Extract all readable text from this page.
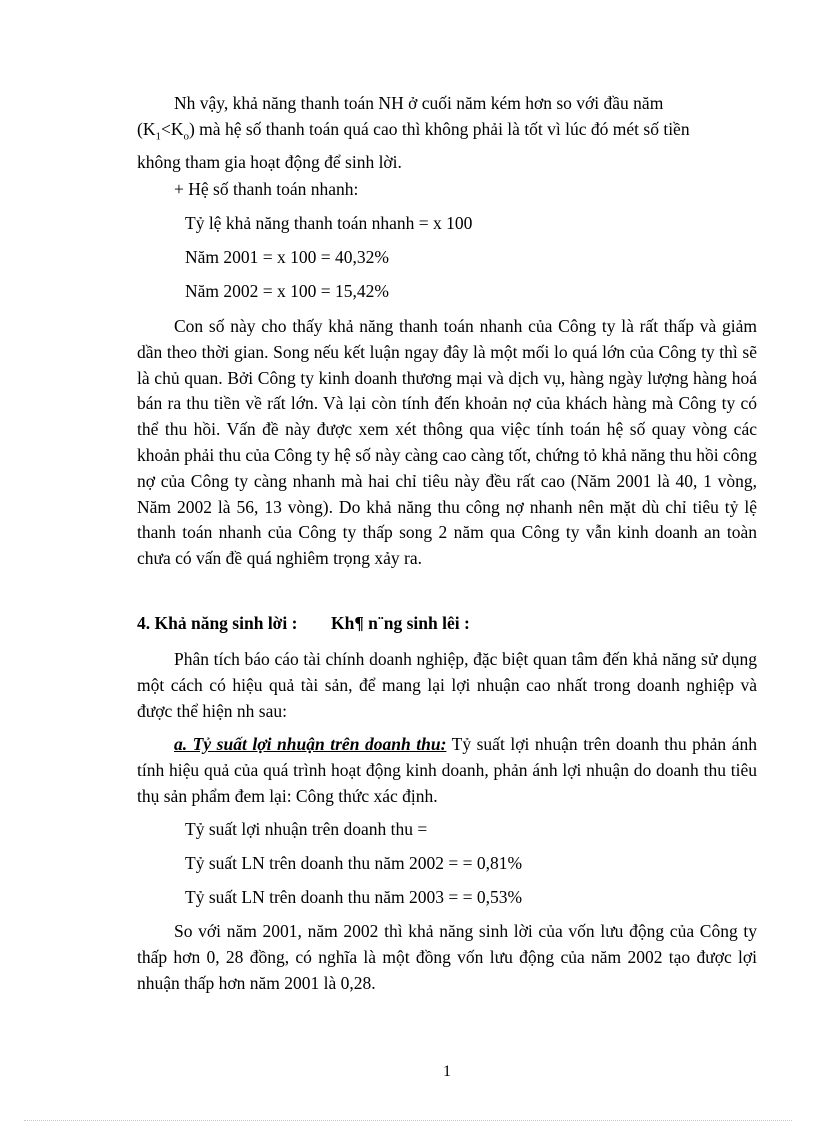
Nh vậy, khả năng thanh toán NH ở cuối năm kém hơn so với đầu năm

$(K_1<K_o)$ mà hệ số thanh toán quá cao thì không phải là tốt vì lúc đó mét số tiền

không tham gia hoạt động để sinh lời.

+ Hệ số thanh toán nhanh:
Tỷ lệ khả năng thanh toán nhanh = x 100
Năm 2001 = x 100 = 40,32%
Năm 2002 = x 100 = 15,42%

Con số này cho thấy khả năng thanh toán nhanh của Công ty là rất thấp và giảm dần theo thời gian. Song nếu kết luận ngay đây là một mối lo quá lớn của Công ty thì sẽ là chủ quan. Bởi Công ty kinh doanh thương mại và dịch vụ, hàng ngày lượng hàng hoá bán ra thu tiền về rất lớn. Và lại còn tính đến khoản nợ của khách hàng mà Công ty có thể thu hồi. Vấn đề này được xem xét thông qua việc tính toán hệ số quay vòng các khoản phải thu của Công ty hệ số này càng cao càng tốt, chứng tỏ khả năng thu hồi công nợ của Công ty càng nhanh mà hai chỉ tiêu này đều rất cao (Năm 2001 là 40, 1 vòng, Năm 2002 là 56, 13 vòng). Do khả năng thu công nợ nhanh nên mặt dù chỉ tiêu tỷ lệ thanh toán nhanh của Công ty thấp song 2 năm qua Công ty vẫn kinh doanh an toàn chưa có vấn đề quá nghiêm trọng xảy ra.

4. Khả năng sinh lời : Kh¶ n¨ng sinh lêi :

Phân tích báo cáo tài chính doanh nghiệp, đặc biệt quan tâm đến khả năng sử dụng một cách có hiệu quả tài sản, để mang lại lợi nhuận cao nhất trong doanh nghiệp và được thể hiện nh sau:

a. Tỷ suất lợi nhuận trên doanh thu: Tỷ suất lợi nhuận trên doanh thu phản ánh tính hiệu quả của quá trình hoạt động kinh doanh, phản ánh lợi nhuận do doanh thu tiêu thụ sản phẩm đem lại: Công thức xác định.

Tỷ suất lợi nhuận trên doanh thu =
Tỷ suất LN trên doanh thu năm 2002 = = 0,81%
Tỷ suất LN trên doanh thu năm 2003 = = 0,53%

So với năm 2001, năm 2002 thì khả năng sinh lời của vốn lưu động của Công ty thấp hơn 0, 28 đồng, có nghĩa là một đồng vốn lưu động của năm 2002 tạo được lợi nhuận thấp hơn năm 2001 là 0,28.

1
